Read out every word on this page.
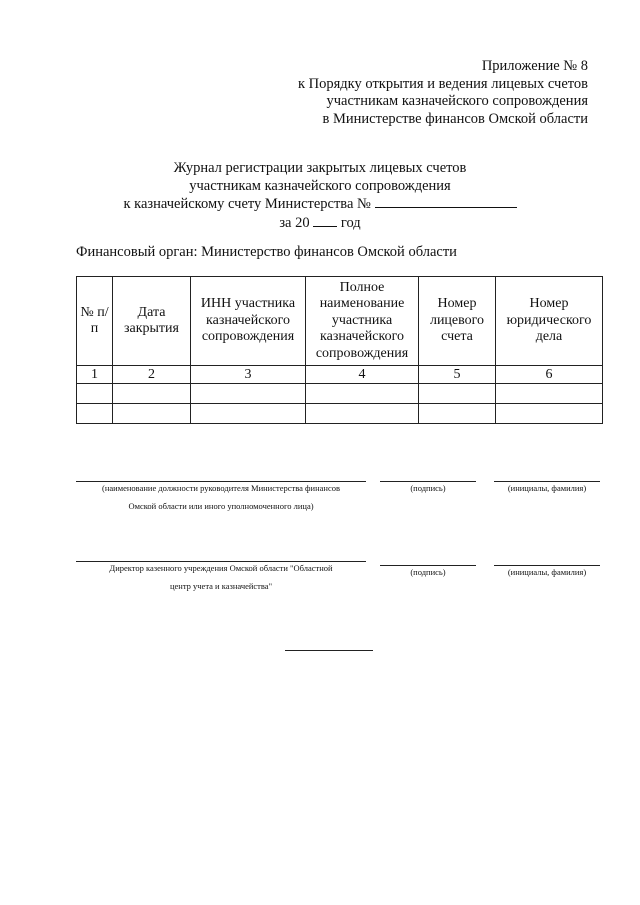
Приложение № 8
к Порядку открытия и ведения лицевых счетов
участникам казначейского сопровождения
в Министерстве финансов Омской области
Журнал регистрации закрытых лицевых счетов
участникам казначейского сопровождения
к казначейскому счету Министерства №
за 20 год
Финансовый орган: Министерство финансов Омской области
№ п/п	Дата закрытия	ИНН участника казначейского сопровождения	Полное наименование участника казначейского сопровождения	Номер лицевого счета	Номер юридического дела
1	2	3	4	5	6

(наименование должности руководителя Министерства финансов
Омской области или иного уполномоченного лица)
(подпись)	(инициалы, фамилия)
Директор казенного учреждения Омской области "Областной
центр учета и казначейства"
(подпись)	(инициалы, фамилия)
